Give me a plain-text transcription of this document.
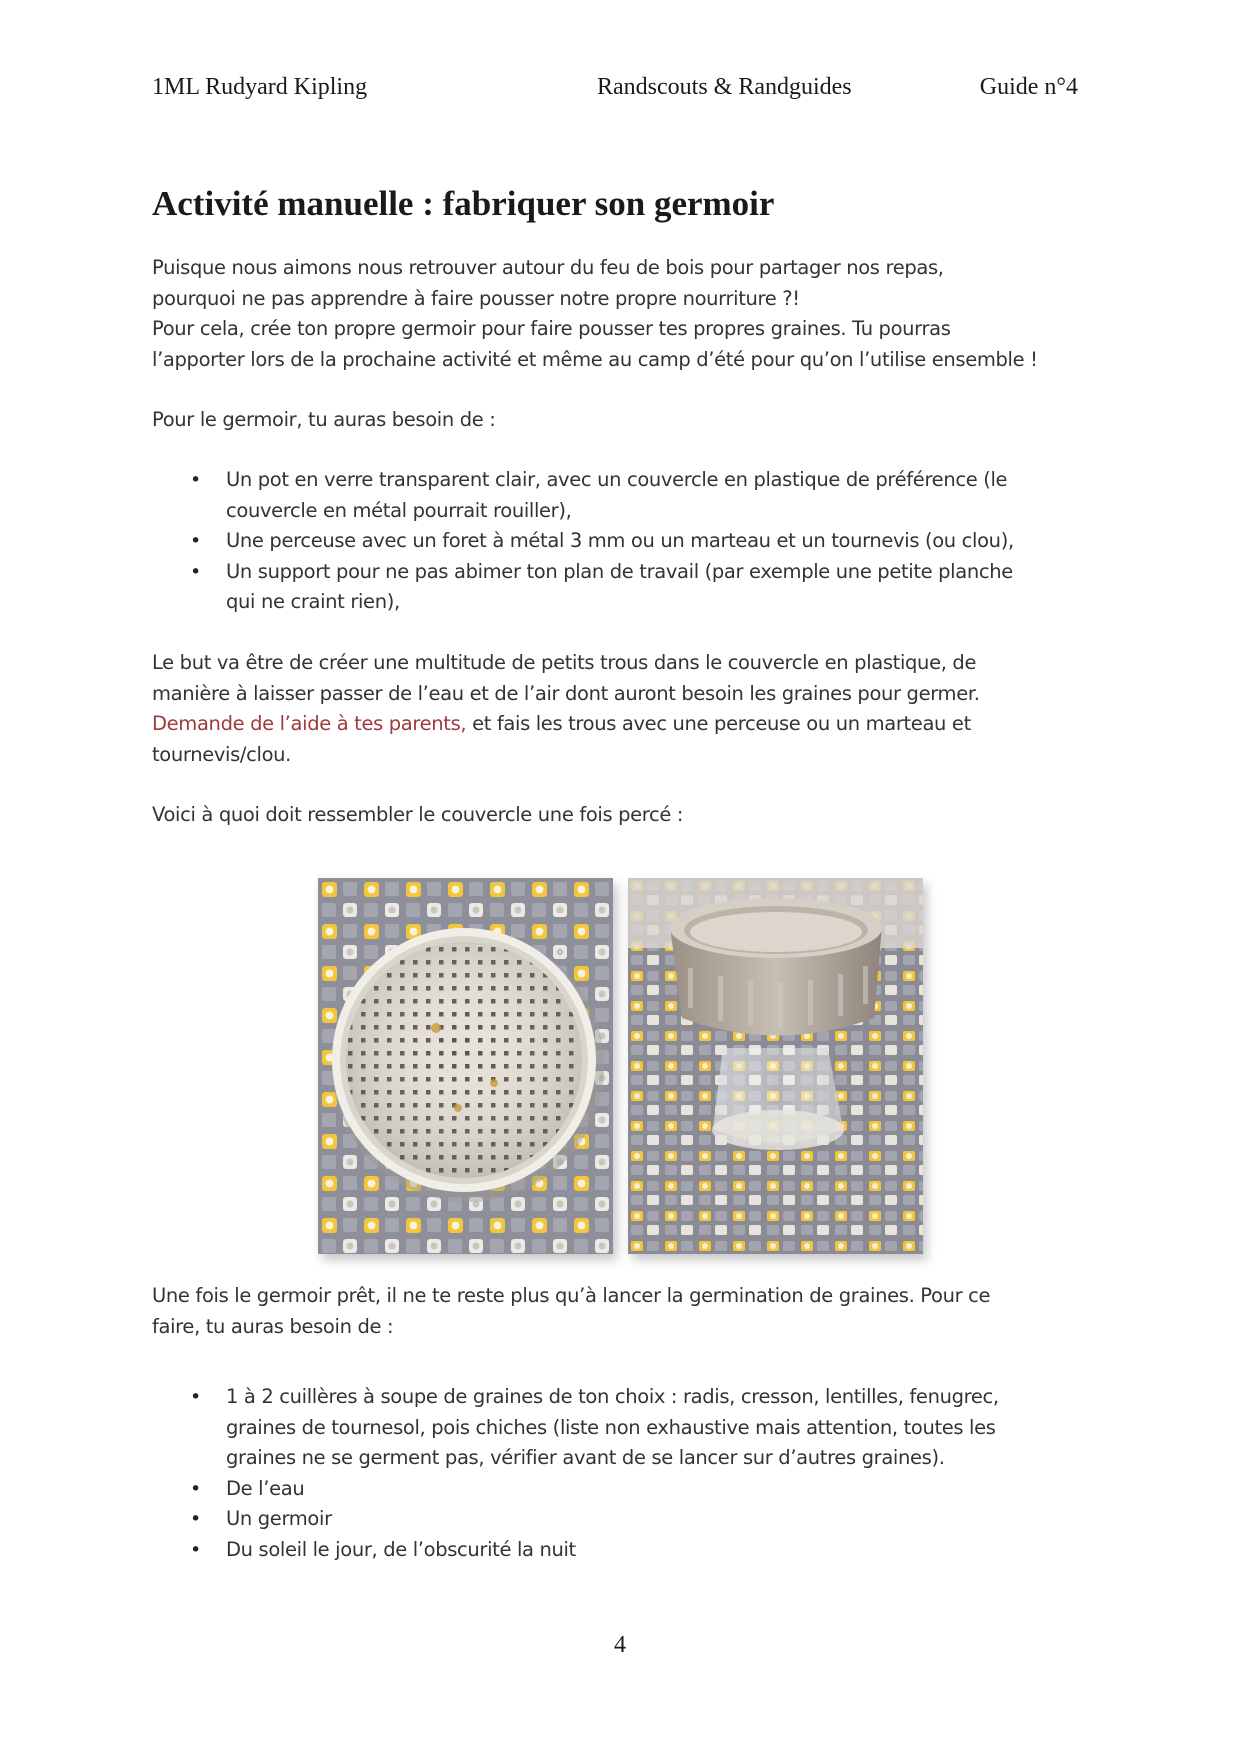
1ML Rudyard Kipling	Randscouts & Randguides	Guide n°4
Activité manuelle : fabriquer son germoir
Puisque nous aimons nous retrouver autour du feu de bois pour partager nos repas,
pourquoi ne pas apprendre à faire pousser notre propre nourriture ?!
Pour cela, crée ton propre germoir pour faire pousser tes propres graines. Tu pourras
l’apporter lors de la prochaine activité et même au camp d’été pour qu’on l’utilise ensemble !
Pour le germoir, tu auras besoin de :
• Un pot en verre transparent clair, avec un couvercle en plastique de préférence (le
couvercle en métal pourrait rouiller),
• Une perceuse avec un foret à métal 3 mm ou un marteau et un tournevis (ou clou),
• Un support pour ne pas abimer ton plan de travail (par exemple une petite planche
qui ne craint rien),
Le but va être de créer une multitude de petits trous dans le couvercle en plastique, de
manière à laisser passer de l’eau et de l’air dont auront besoin les graines pour germer.
Demande de l’aide à tes parents, et fais les trous avec une perceuse ou un marteau et
tournevis/clou.
Voici à quoi doit ressembler le couvercle une fois percé :
Une fois le germoir prêt, il ne te reste plus qu’à lancer la germination de graines. Pour ce
faire, tu auras besoin de :
• 1 à 2 cuillères à soupe de graines de ton choix : radis, cresson, lentilles, fenugrec,
graines de tournesol, pois chiches (liste non exhaustive mais attention, toutes les
graines ne se germent pas, vérifier avant de se lancer sur d’autres graines).
• De l’eau
• Un germoir
• Du soleil le jour, de l’obscurité la nuit
4
